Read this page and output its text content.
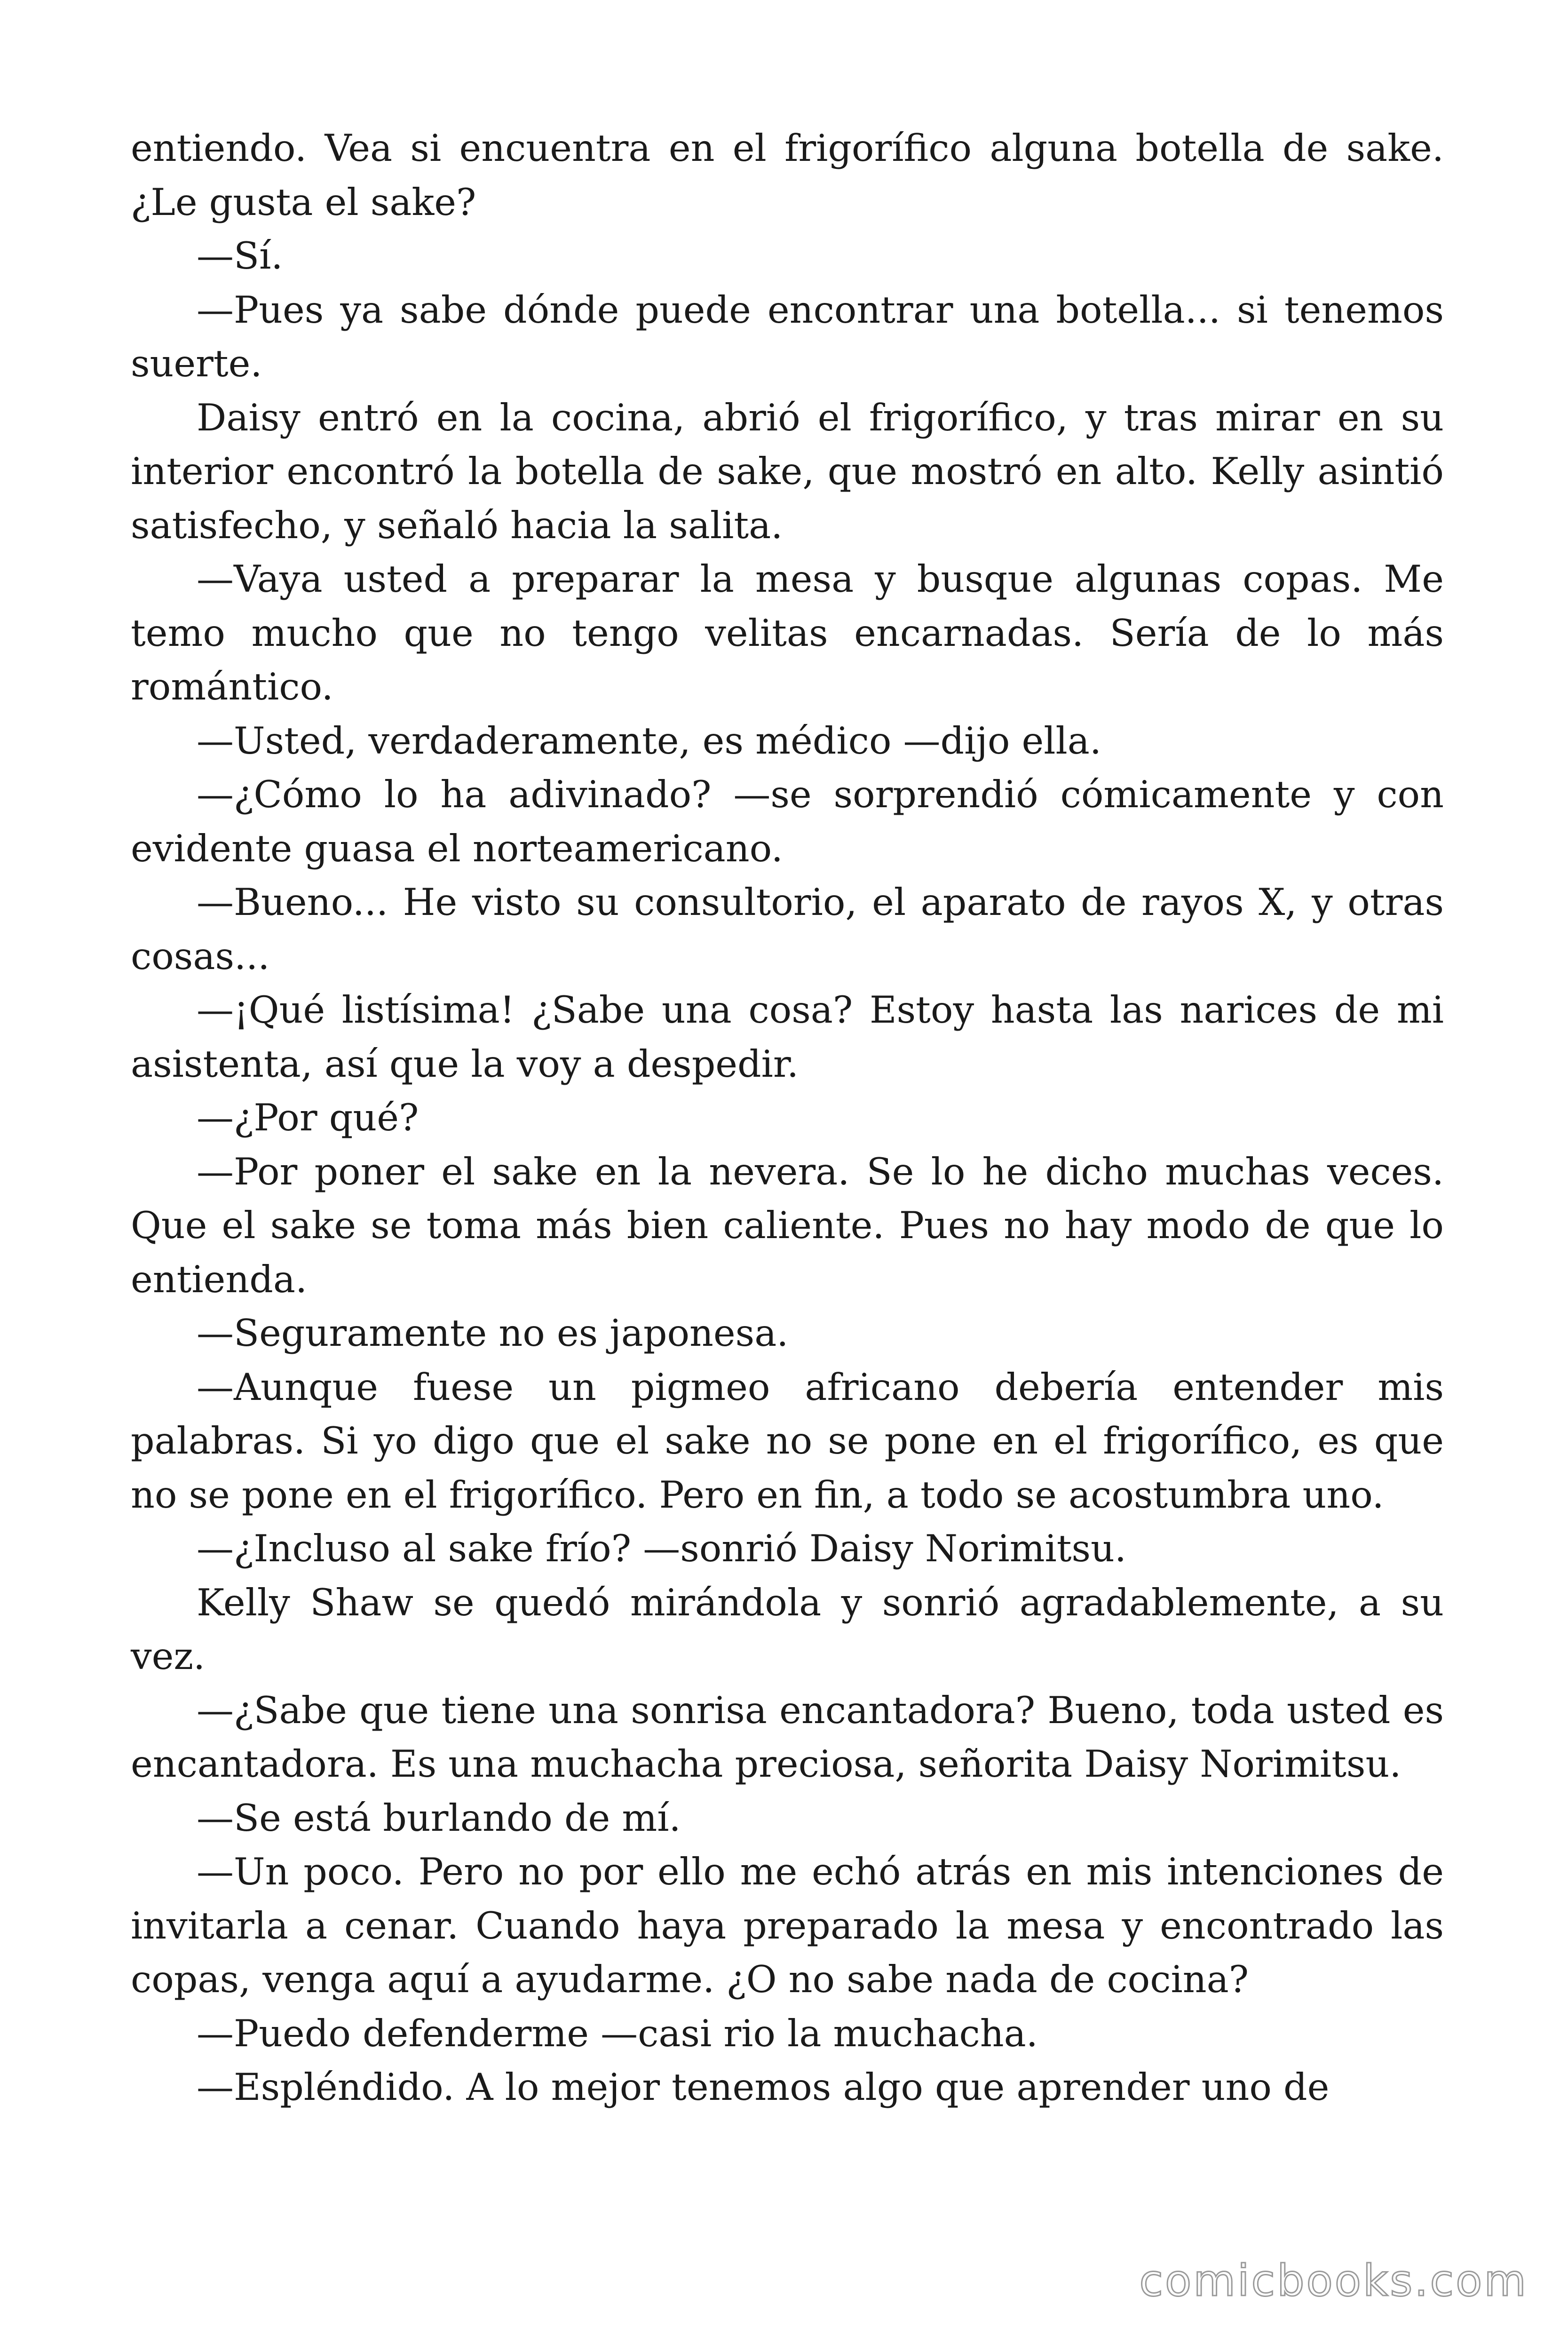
entiendo. Vea si encuentra en el frigorífico alguna botella de sake. ¿Le gusta el sake?

—Sí.

—Pues ya sabe dónde puede encontrar una botella... si tenemos suerte.

Daisy entró en la cocina, abrió el frigorífico, y tras mirar en su interior encontró la botella de sake, que mostró en alto. Kelly asintió satisfecho, y señaló hacia la salita.

—Vaya usted a preparar la mesa y busque algunas copas. Me temo mucho que no tengo velitas encarnadas. Sería de lo más romántico.

—Usted, verdaderamente, es médico —dijo ella.

—¿Cómo lo ha adivinado? —se sorprendió cómicamente y con evidente guasa el norteamericano.

—Bueno... He visto su consultorio, el aparato de rayos X, y otras cosas...

—¡Qué listísima! ¿Sabe una cosa? Estoy hasta las narices de mi asistenta, así que la voy a despedir.

—¿Por qué?

—Por poner el sake en la nevera. Se lo he dicho muchas veces. Que el sake se toma más bien caliente. Pues no hay modo de que lo entienda.

—Seguramente no es japonesa.

—Aunque fuese un pigmeo africano debería entender mis palabras. Si yo digo que el sake no se pone en el frigorífico, es que no se pone en el frigorífico. Pero en fin, a todo se acostumbra uno.

—¿Incluso al sake frío? —sonrió Daisy Norimitsu.

Kelly Shaw se quedó mirándola y sonrió agradablemente, a su vez.

—¿Sabe que tiene una sonrisa encantadora? Bueno, toda usted es encantadora. Es una muchacha preciosa, señorita Daisy Norimitsu.

—Se está burlando de mí.

—Un poco. Pero no por ello me echó atrás en mis intenciones de invitarla a cenar. Cuando haya preparado la mesa y encontrado las copas, venga aquí a ayudarme. ¿O no sabe nada de cocina?

—Puedo defenderme —casi rio la muchacha.

—Espléndido. A lo mejor tenemos algo que aprender uno de

comicbooks.com
